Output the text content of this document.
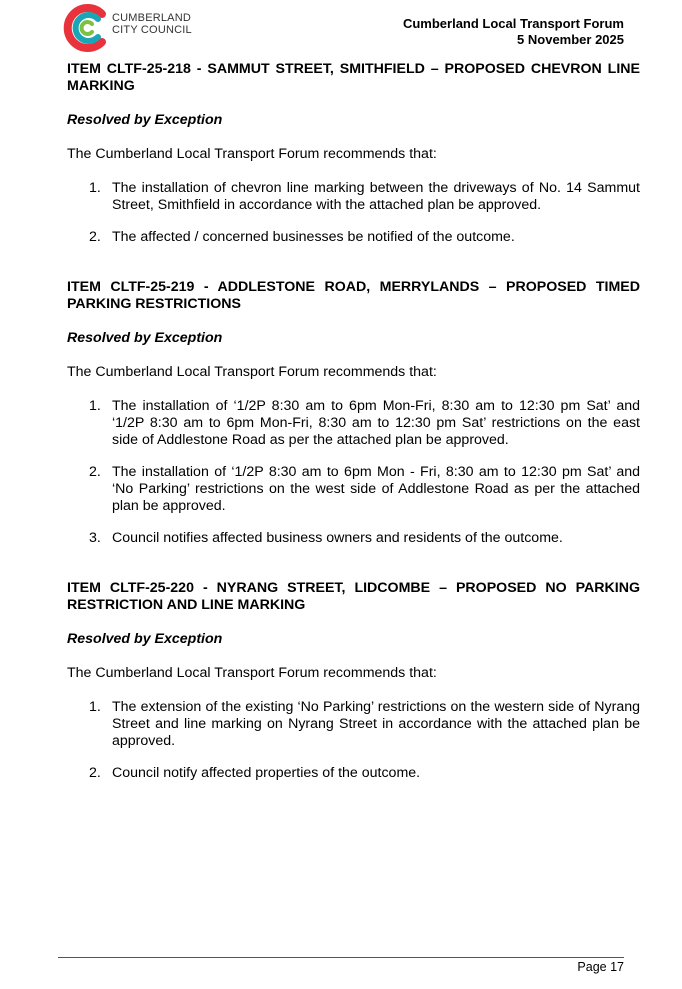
CUMBERLAND
CITY COUNCIL	Cumberland Local Transport Forum
5 November 2025

ITEM CLTF-25-218 - SAMMUT STREET, SMITHFIELD – PROPOSED CHEVRON LINE MARKING

Resolved by Exception

The Cumberland Local Transport Forum recommends that:

1. The installation of chevron line marking between the driveways of No. 14 Sammut Street, Smithfield in accordance with the attached plan be approved.
2. The affected / concerned businesses be notified of the outcome.

ITEM CLTF-25-219 - ADDLESTONE ROAD, MERRYLANDS – PROPOSED TIMED PARKING RESTRICTIONS

Resolved by Exception

The Cumberland Local Transport Forum recommends that:

1. The installation of ‘1/2P 8:30 am to 6pm Mon-Fri, 8:30 am to 12:30 pm Sat’ and ‘1/2P 8:30 am to 6pm Mon-Fri, 8:30 am to 12:30 pm Sat’ restrictions on the east side of Addlestone Road as per the attached plan be approved.
2. The installation of ‘1/2P 8:30 am to 6pm Mon - Fri, 8:30 am to 12:30 pm Sat’ and ‘No Parking’ restrictions on the west side of Addlestone Road as per the attached plan be approved.
3. Council notifies affected business owners and residents of the outcome.

ITEM CLTF-25-220 - NYRANG STREET, LIDCOMBE – PROPOSED NO PARKING RESTRICTION AND LINE MARKING

Resolved by Exception

The Cumberland Local Transport Forum recommends that:

1. The extension of the existing ‘No Parking’ restrictions on the western side of Nyrang Street and line marking on Nyrang Street in accordance with the attached plan be approved.
2. Council notify affected properties of the outcome.
Page 17
